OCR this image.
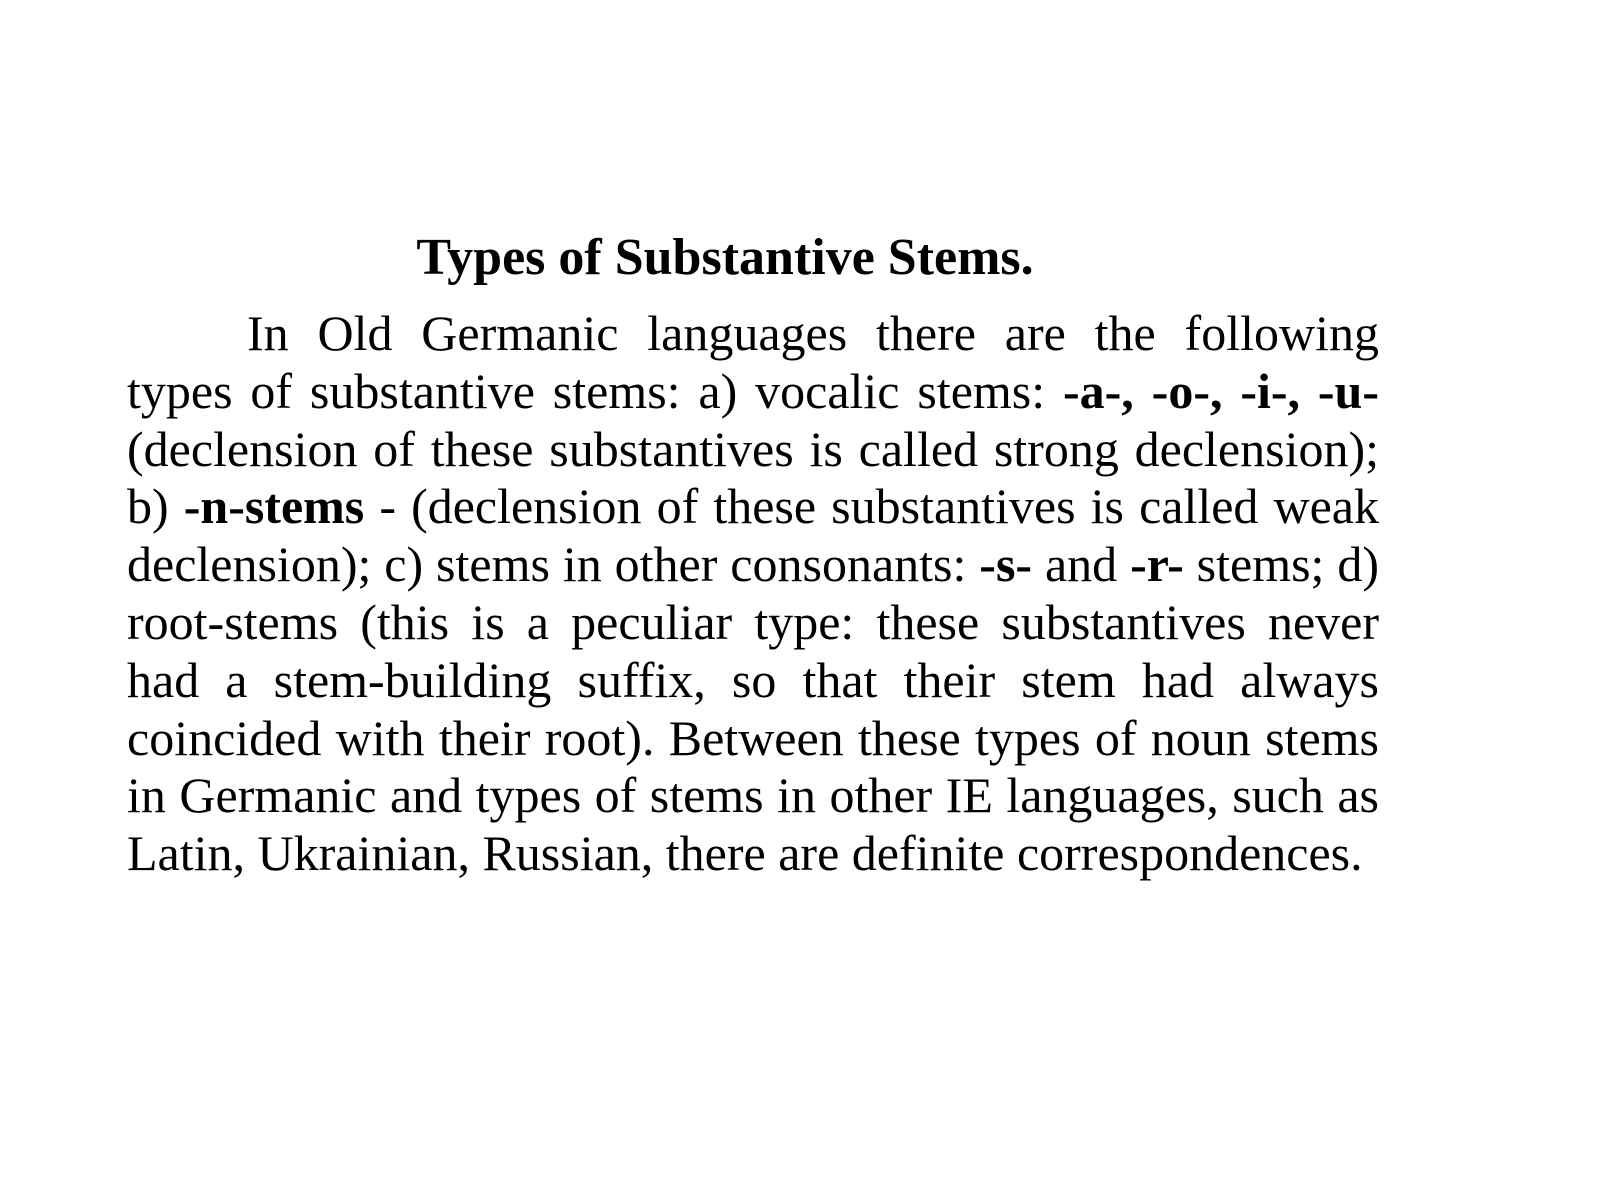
Types of Substantive Stems.

In Old Germanic languages there are the following types of substantive stems: a) vocalic stems: -a-, -o-, -i-, -u- (declension of these substantives is called strong declension); b) -n-stems - (declension of these substantives is called weak declension); c) stems in other consonants: -s- and -r- stems; d) root-stems (this is a peculiar type: these substantives never had a stem-building suffix, so that their stem had always coincided with their root). Between these types of noun stems in Germanic and types of stems in other IE languages, such as Latin, Ukrainian, Russian, there are definite correspondences.
